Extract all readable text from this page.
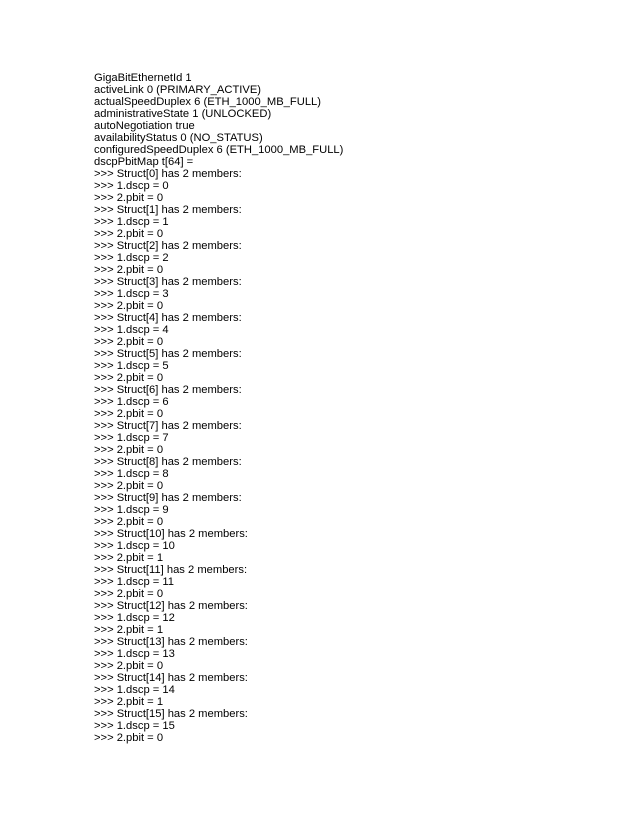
GigaBitEthernetId 1
activeLink 0 (PRIMARY_ACTIVE)
actualSpeedDuplex 6 (ETH_1000_MB_FULL)
administrativeState 1 (UNLOCKED)
autoNegotiation true
availabilityStatus 0 (NO_STATUS)
configuredSpeedDuplex 6 (ETH_1000_MB_FULL)
dscpPbitMap t[64] =
>>> Struct[0] has 2 members:
>>> 1.dscp = 0
>>> 2.pbit = 0
>>> Struct[1] has 2 members:
>>> 1.dscp = 1
>>> 2.pbit = 0
>>> Struct[2] has 2 members:
>>> 1.dscp = 2
>>> 2.pbit = 0
>>> Struct[3] has 2 members:
>>> 1.dscp = 3
>>> 2.pbit = 0
>>> Struct[4] has 2 members:
>>> 1.dscp = 4
>>> 2.pbit = 0
>>> Struct[5] has 2 members:
>>> 1.dscp = 5
>>> 2.pbit = 0
>>> Struct[6] has 2 members:
>>> 1.dscp = 6
>>> 2.pbit = 0
>>> Struct[7] has 2 members:
>>> 1.dscp = 7
>>> 2.pbit = 0
>>> Struct[8] has 2 members:
>>> 1.dscp = 8
>>> 2.pbit = 0
>>> Struct[9] has 2 members:
>>> 1.dscp = 9
>>> 2.pbit = 0
>>> Struct[10] has 2 members:
>>> 1.dscp = 10
>>> 2.pbit = 1
>>> Struct[11] has 2 members:
>>> 1.dscp = 11
>>> 2.pbit = 0
>>> Struct[12] has 2 members:
>>> 1.dscp = 12
>>> 2.pbit = 1
>>> Struct[13] has 2 members:
>>> 1.dscp = 13
>>> 2.pbit = 0
>>> Struct[14] has 2 members:
>>> 1.dscp = 14
>>> 2.pbit = 1
>>> Struct[15] has 2 members:
>>> 1.dscp = 15
>>> 2.pbit = 0
